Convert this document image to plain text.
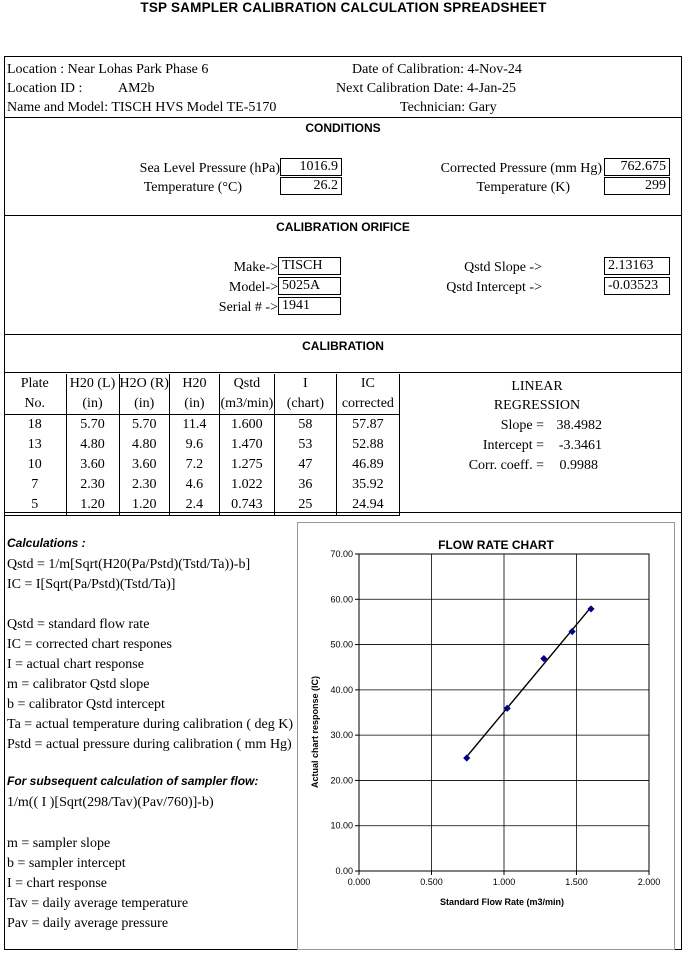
TSP SAMPLER CALIBRATION CALCULATION SPREADSHEET
Location : Near Lohas Park Phase 6
Location ID :	AM2b
Name and Model: TISCH HVS Model TE-5170
Date of Calibration: 4-Nov-24
Next Calibration Date: 4-Jan-25
Technician: Gary
CONDITIONS
Sea Level Pressure (hPa)	1016.9
Temperature (°C)	26.2
Corrected Pressure (mm Hg)	762.675
Temperature (K)	299
CALIBRATION ORIFICE
Make-> TISCH
Model-> 5025A
Serial # -> 1941
Qstd Slope ->	2.13163
Qstd Intercept ->	-0.03523
CALIBRATION
Plate	H20 (L)	H2O (R)	H20	Qstd	I	IC
No.	(in)	(in)	(in)	(m3/min)	(chart)	corrected
18	5.70	5.70	11.4	1.600	58	57.87
13	4.80	4.80	9.6	1.470	53	52.88
10	3.60	3.60	7.2	1.275	47	46.89
7	2.30	2.30	4.6	1.022	36	35.92
5	1.20	1.20	2.4	0.743	25	24.94
LINEAR
REGRESSION
Slope = 38.4982
Intercept =	-3.3461
Corr. coeff. =	0.9988
Calculations :
Qstd = 1/m[Sqrt(H20(Pa/Pstd)(Tstd/Ta))-b]
IC = I[Sqrt(Pa/Pstd)(Tstd/Ta)]
Qstd = standard flow rate
IC = corrected chart respones
I = actual chart response
m = calibrator Qstd slope
b = calibrator Qstd intercept
Ta = actual temperature during calibration ( deg K)
Pstd = actual pressure during calibration ( mm Hg)
For subsequent calculation of sampler flow:
1/m(( I )[Sqrt(298/Tav)(Pav/760)]-b)
m = sampler slope
b = sampler intercept
I = chart response
Tav = daily average temperature
Pav = daily average pressure
FLOW RATE CHART
Standard Flow Rate (m3/min)
Actual chart response (IC)
0.000	0.500	1.000	1.500	2.000
0.00
10.00
20.00
30.00
40.00
50.00
60.00
70.00
